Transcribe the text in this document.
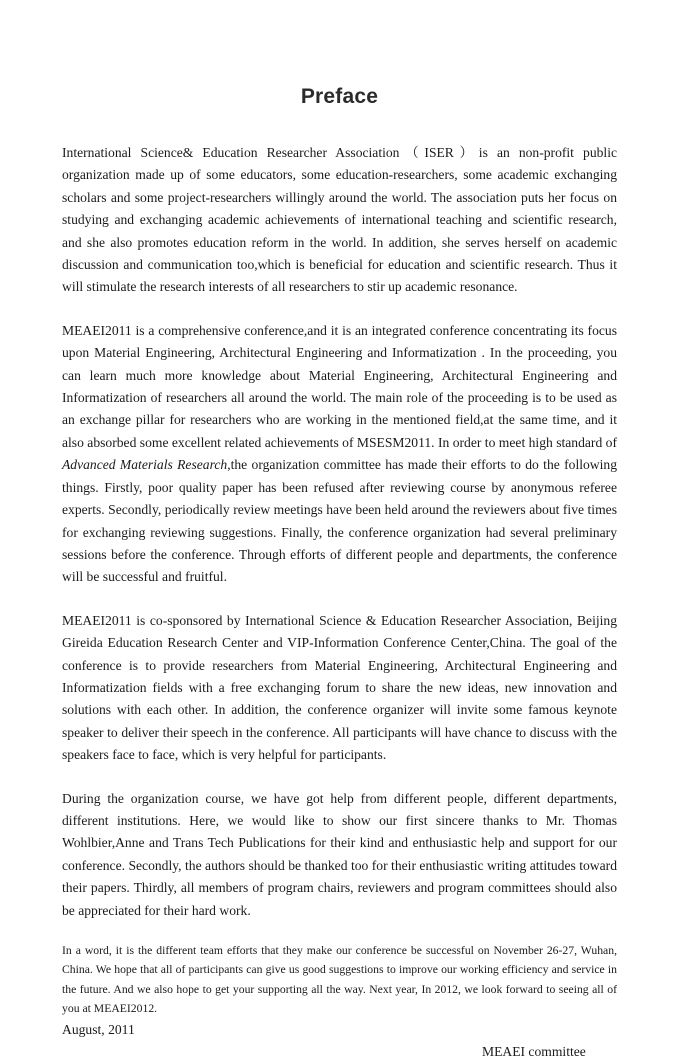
Preface

International Science& Education Researcher Association（ISER）is an non-profit public organization made up of some educators, some education-researchers, some academic exchanging scholars and some project-researchers willingly around the world. The association puts her focus on studying and exchanging academic achievements of international teaching and scientific research, and she also promotes education reform in the world. In addition, she serves herself on academic discussion and communication too,which is beneficial for education and scientific research. Thus it will stimulate the research interests of all researchers to stir up academic resonance.

MEAEI2011 is a comprehensive conference,and it is an integrated conference concentrating its focus upon Material Engineering, Architectural Engineering and Informatization . In the proceeding, you can learn much more knowledge about Material Engineering, Architectural Engineering and Informatization of researchers all around the world. The main role of the proceeding is to be used as an exchange pillar for researchers who are working in the mentioned field,at the same time, and it also absorbed some excellent related achievements of MSESM2011. In order to meet high standard of Advanced Materials Research,the organization committee has made their efforts to do the following things. Firstly, poor quality paper has been refused after reviewing course by anonymous referee experts. Secondly, periodically review meetings have been held around the reviewers about five times for exchanging reviewing suggestions. Finally, the conference organization had several preliminary sessions before the conference. Through efforts of different people and departments, the conference will be successful and fruitful.

MEAEI2011 is co-sponsored by International Science & Education Researcher Association, Beijing Gireida Education Research Center and VIP-Information Conference Center,China. The goal of the conference is to provide researchers from Material Engineering, Architectural Engineering and Informatization fields with a free exchanging forum to share the new ideas, new innovation and solutions with each other. In addition, the conference organizer will invite some famous keynote speaker to deliver their speech in the conference. All participants will have chance to discuss with the speakers face to face, which is very helpful for participants.

During the organization course, we have got help from different people, different departments, different institutions. Here, we would like to show our first sincere thanks to Mr. Thomas Wohlbier,Anne and Trans Tech Publications for their kind and enthusiastic help and support for our conference. Secondly, the authors should be thanked too for their enthusiastic writing attitudes toward their papers. Thirdly, all members of program chairs, reviewers and program committees should also be appreciated for their hard work.

In a word, it is the different team efforts that they make our conference be successful on November 26-27, Wuhan, China. We hope that all of participants can give us good suggestions to improve our working efficiency and service in the future. And we also hope to get your supporting all the way. Next year, In 2012, we look forward to seeing all of you at MEAEI2012.

August, 2011

MEAEI committee
